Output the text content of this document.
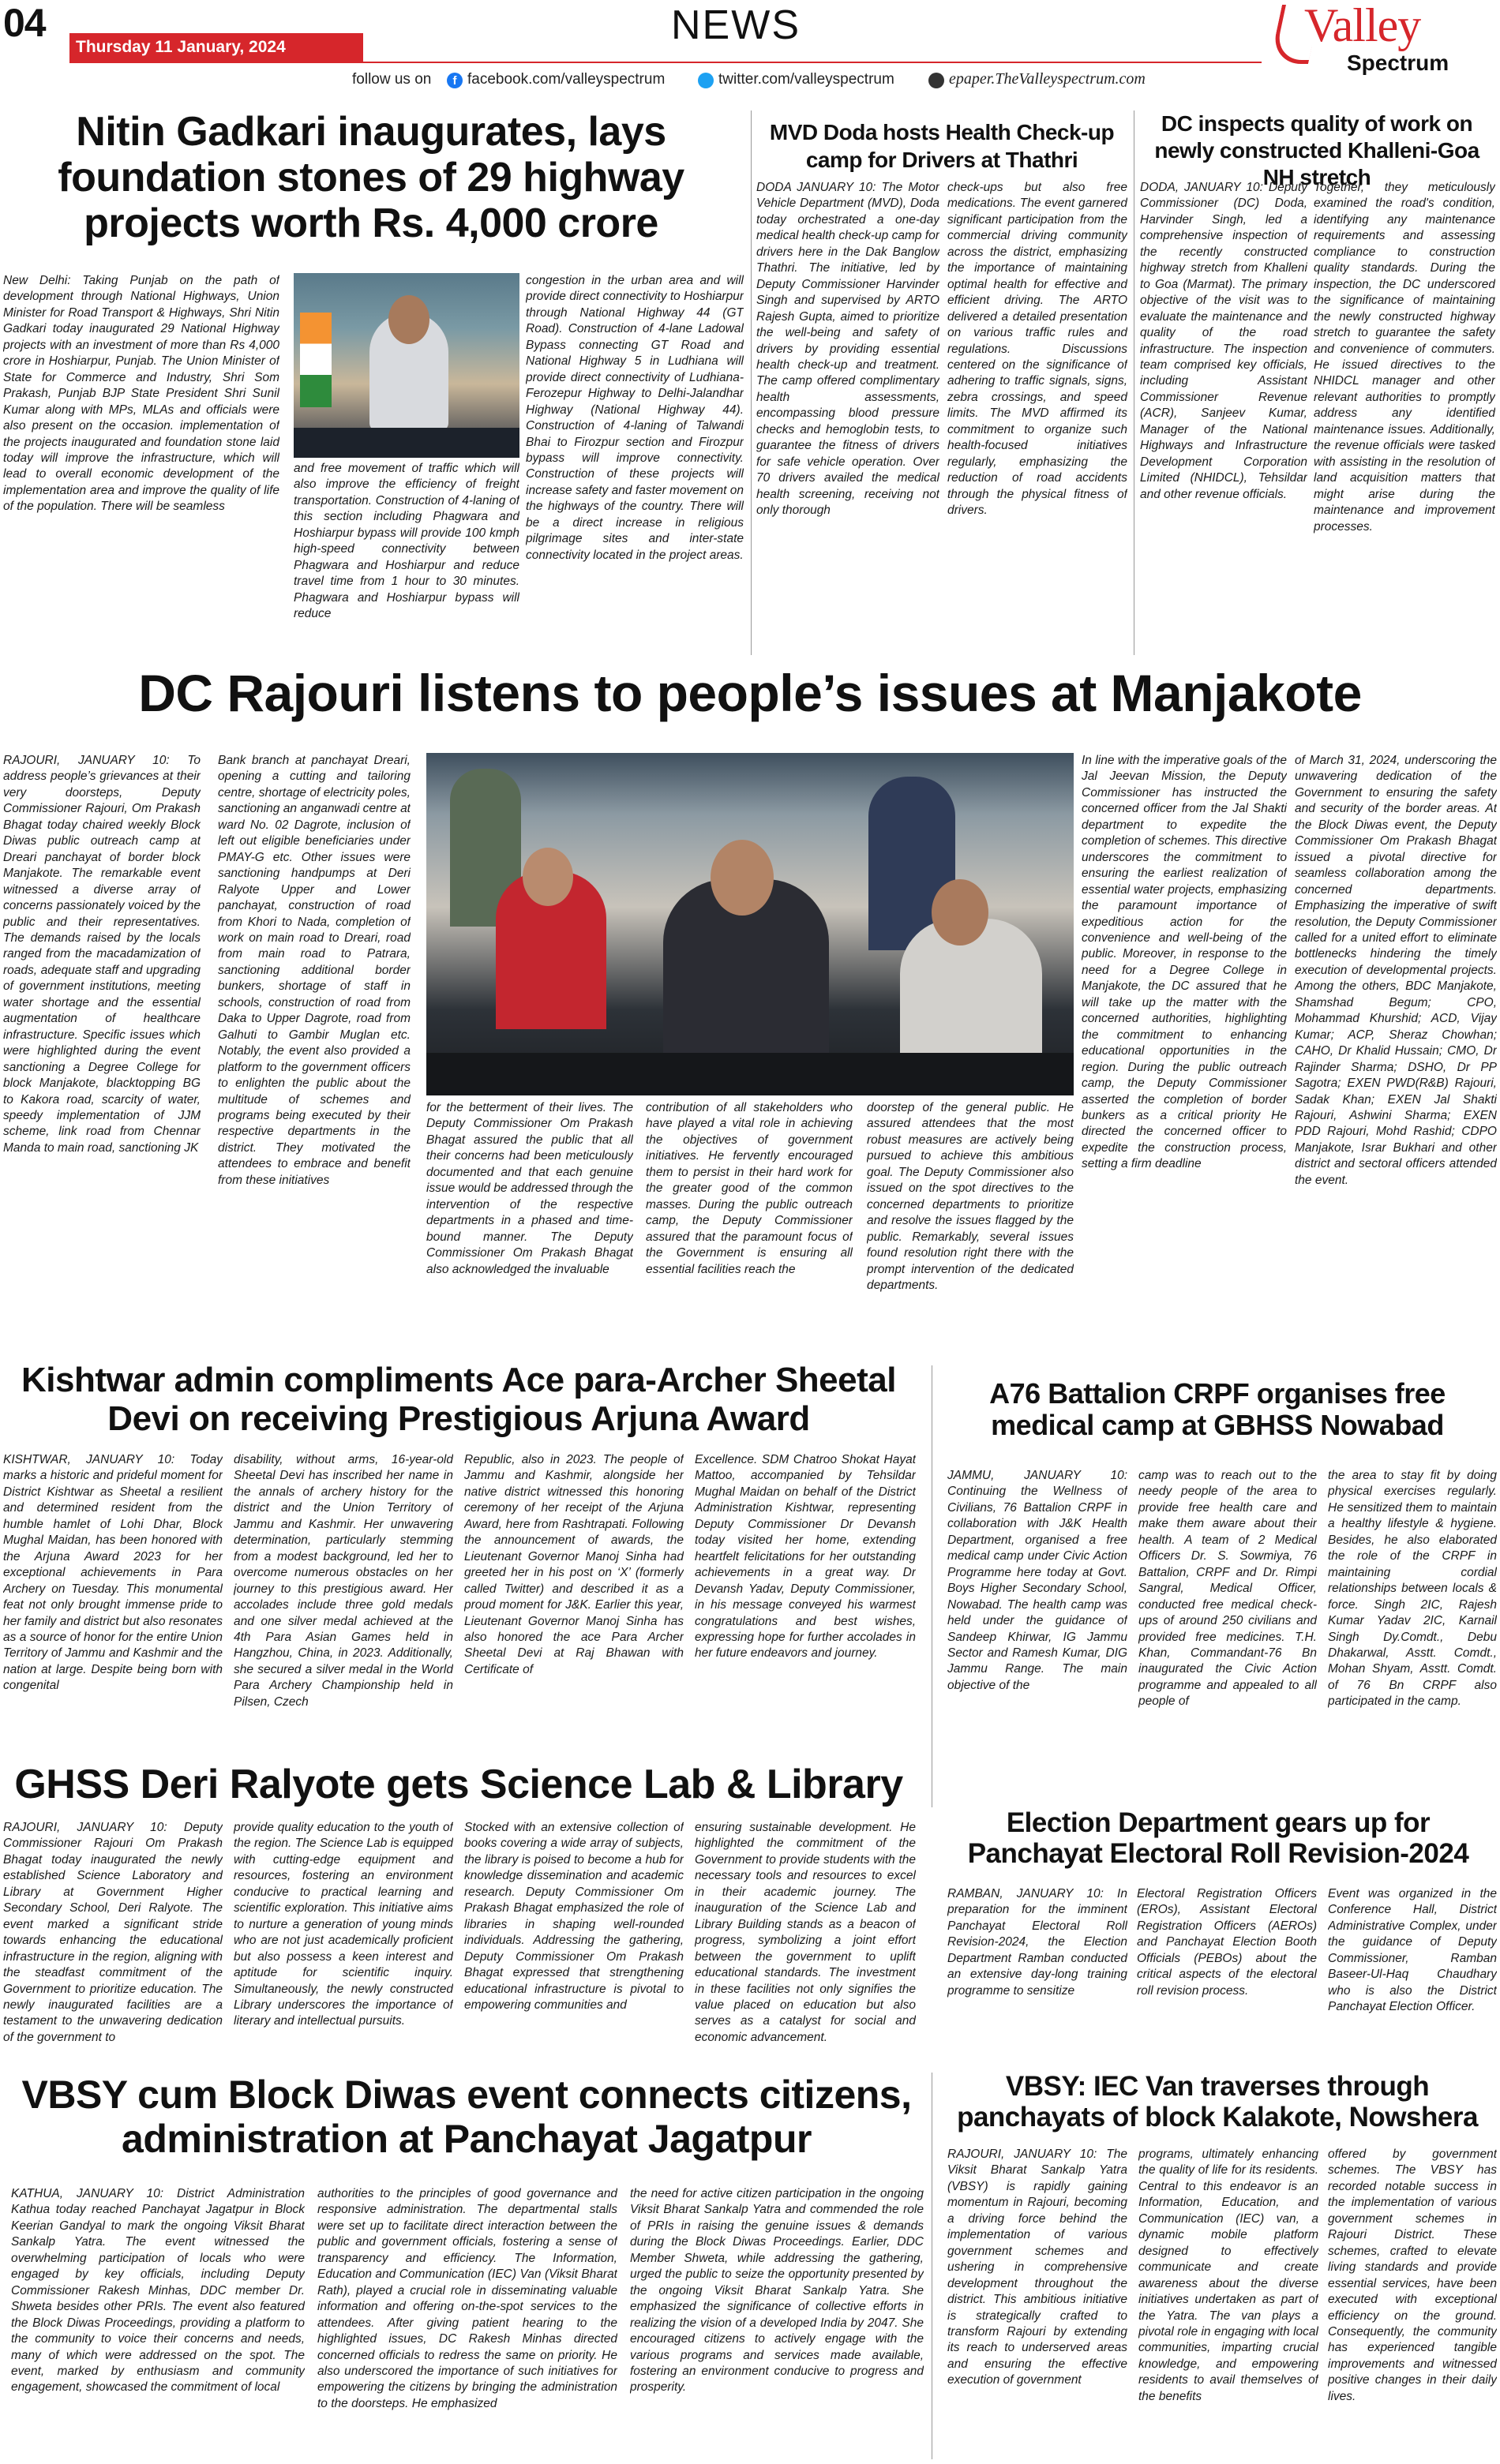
04
Thursday 11 January, 2024	NEWS
follow us on	f facebook.com/valleyspectrum	twitter.com/valleyspectrum	epaper.TheValleyspectrum.com
Valley
Spectrum
Nitin Gadkari inaugurates, lays foundation stones of 29 highway projects worth Rs. 4,000 crore
New Delhi: Taking Punjab on the path of development through National Highways, Union Minister for Road Transport & Highways, Shri Nitin Gadkari today inaugurated 29 National Highway projects with an investment of more than Rs 4,000 crore in Hoshiarpur, Punjab. The Union Minister of State for Commerce and Industry, Shri Som Prakash, Punjab BJP State President Shri Sunil Kumar along with MPs, MLAs and officials were also present on the occasion. implementation of the projects inaugurated and foundation stone laid today will improve the infrastructure, which will lead to overall economic development of the implementation area and improve the quality of life of the population. There will be seamless
and free movement of traffic which will also improve the efficiency of freight transportation. Construction of 4-laning of this section including Phagwara and Hoshiarpur bypass will provide 100 kmph high-speed connectivity between Phagwara and Hoshiarpur and reduce travel time from 1 hour to 30 minutes. Phagwara and Hoshiarpur bypass will reduce
congestion in the urban area and will provide direct connectivity to Hoshiarpur through National Highway 44 (GT Road). Construction of 4-lane Ladowal Bypass connecting GT Road and National Highway 5 in Ludhiana will provide direct connectivity of Ludhiana-Ferozepur Highway to Delhi-Jalandhar Highway (National Highway 44). Construction of 4-laning of Talwandi Bhai to Firozpur section and Firozpur bypass will improve connectivity. Construction of these projects will increase safety and faster movement on the highways of the country. There will be a direct increase in religious pilgrimage sites and inter-state connectivity located in the project areas.
MVD Doda hosts Health Check-up camp for Drivers at Thathri
DODA JANUARY 10: The Motor Vehicle Department (MVD), Doda today orchestrated a one-day medical health check-up camp for drivers here in the Dak Banglow Thathri. The initiative, led by Deputy Commissioner Harvinder Singh and supervised by ARTO Rajesh Gupta, aimed to prioritize the well-being and safety of drivers by providing essential health check-up and treatment. The camp offered complimentary health assessments, encompassing blood pressure checks and hemoglobin tests, to guarantee the fitness of drivers for safe vehicle operation. Over 70 drivers availed the medical health screening, receiving not only thorough
check-ups but also free medications. The event garnered significant participation from the commercial driving community across the district, emphasizing the importance of maintaining optimal health for effective and efficient driving. The ARTO delivered a detailed presentation on various traffic rules and regulations. Discussions centered on the significance of adhering to traffic signals, signs, zebra crossings, and speed limits. The MVD affirmed its commitment to organize such health-focused initiatives regularly, emphasizing the reduction of road accidents through the physical fitness of drivers.
DC inspects quality of work on newly constructed Khalleni-Goa NH stretch
DODA, JANUARY 10: Deputy Commissioner (DC) Doda, Harvinder Singh, led a comprehensive inspection of the recently constructed highway stretch from Khalleni to Goa (Marmat). The primary objective of the visit was to evaluate the maintenance and quality of the road infrastructure. The inspection team comprised key officials, including Assistant Commissioner Revenue (ACR), Sanjeev Kumar, Manager of the National Highways and Infrastructure Development Corporation Limited (NHIDCL), Tehsildar and other revenue officials.
Together, they meticulously examined the road's condition, identifying any maintenance requirements and assessing compliance to construction quality standards. During the inspection, the DC underscored the significance of maintaining the newly constructed highway stretch to guarantee the safety and convenience of commuters. He issued directives to the NHIDCL manager and other relevant authorities to promptly address any identified maintenance issues. Additionally, the revenue officials were tasked with assisting in the resolution of land acquisition matters that might arise during the maintenance and improvement processes.
DC Rajouri listens to people’s issues at Manjakote
RAJOURI, JANUARY 10: To address people’s grievances at their very doorsteps, Deputy Commissioner Rajouri, Om Prakash Bhagat today chaired weekly Block Diwas public outreach camp at Dreari panchayat of border block Manjakote. The remarkable event witnessed a diverse array of concerns passionately voiced by the public and their representatives. The demands raised by the locals ranged from the macadamization of roads, adequate staff and upgrading of government institutions, meeting water shortage and the essential augmentation of healthcare infrastructure. Specific issues which were highlighted during the event sanctioning a Degree College for block Manjakote, blacktopping BG to Kakora road, scarcity of water, speedy implementation of JJM scheme, link road from Chennar Manda to main road, sanctioning JK
Bank branch at panchayat Dreari, opening a cutting and tailoring centre, shortage of electricity poles, sanctioning an anganwadi centre at ward No. 02 Dagrote, inclusion of left out eligible beneficiaries under PMAY-G etc. Other issues were sanctioning handpumps at Deri Ralyote Upper and Lower panchayat, construction of road from Khori to Nada, completion of work on main road to Dreari, road from main road to Patrara, sanctioning additional border bunkers, shortage of staff in schools, construction of road from Daka to Upper Dagrote, road from Galhuti to Gambir Muglan etc. Notably, the event also provided a platform to the government officers to enlighten the public about the multitude of schemes and programs being executed by their respective departments in the district. They motivated the attendees to embrace and benefit from these initiatives
for the betterment of their lives. The Deputy Commissioner Om Prakash Bhagat assured the public that all their concerns had been meticulously documented and that each genuine issue would be addressed through the intervention of the respective departments in a phased and time-bound manner. The Deputy Commissioner Om Prakash Bhagat also acknowledged the invaluable
contribution of all stakeholders who have played a vital role in achieving the objectives of government initiatives. He fervently encouraged them to persist in their hard work for the greater good of the common masses. During the public outreach camp, the Deputy Commissioner assured that the paramount focus of the Government is ensuring all essential facilities reach the
doorstep of the general public. He assured attendees that the most robust measures are actively being pursued to achieve this ambitious goal. The Deputy Commissioner also issued on the spot directives to the concerned departments to prioritize and resolve the issues flagged by the public. Remarkably, several issues found resolution right there with the prompt intervention of the dedicated departments.
In line with the imperative goals of the Jal Jeevan Mission, the Deputy Commissioner has instructed the concerned officer from the Jal Shakti department to expedite the completion of schemes. This directive underscores the commitment to ensuring the earliest realization of essential water projects, emphasizing the paramount importance of expeditious action for the convenience and well-being of the public. Moreover, in response to the need for a Degree College in Manjakote, the DC assured that he will take up the matter with the concerned authorities, highlighting the commitment to enhancing educational opportunities in the region. During the public outreach camp, the Deputy Commissioner asserted the completion of border bunkers as a critical priority He directed the concerned officer to expedite the construction process, setting a firm deadline
of March 31, 2024, underscoring the unwavering dedication of the Government to ensuring the safety and security of the border areas. At the Block Diwas event, the Deputy Commissioner Om Prakash Bhagat issued a pivotal directive for seamless collaboration among the concerned departments. Emphasizing the imperative of swift resolution, the Deputy Commissioner called for a united effort to eliminate bottlenecks hindering the timely execution of developmental projects. Among the others, BDC Manjakote, Shamshad Begum; CPO, Mohammad Khurshid; ACD, Vijay Kumar; ACP, Sheraz Chowhan; CAHO, Dr Khalid Hussain; CMO, Dr Rajinder Sharma; DSHO, Dr PP Sagotra; EXEN PWD(R&B) Rajouri, Sadak Khan; EXEN Jal Shakti Rajouri, Ashwini Sharma; EXEN PDD Rajouri, Mohd Rashid; CDPO Manjakote, Israr Bukhari and other district and sectoral officers attended the event.
Kishtwar admin compliments Ace para-Archer Sheetal Devi on receiving Prestigious Arjuna Award
KISHTWAR, JANUARY 10: Today marks a historic and prideful moment for District Kishtwar as Sheetal a resilient and determined resident from the humble hamlet of Lohi Dhar, Block Mughal Maidan, has been honored with the Arjuna Award 2023 for her exceptional achievements in Para Archery on Tuesday. This monumental feat not only brought immense pride to her family and district but also resonates as a source of honor for the entire Union Territory of Jammu and Kashmir and the nation at large. Despite being born with congenital
disability, without arms, 16-year-old Sheetal Devi has inscribed her name in the annals of archery history for the district and the Union Territory of Jammu and Kashmir. Her unwavering determination, particularly stemming from a modest background, led her to overcome numerous obstacles on her journey to this prestigious award. Her accolades include three gold medals and one silver medal achieved at the 4th Para Asian Games held in Hangzhou, China, in 2023. Additionally, she secured a silver medal in the World Para Archery Championship held in Pilsen, Czech
Republic, also in 2023. The people of Jammu and Kashmir, alongside her native district witnessed this honoring ceremony of her receipt of the Arjuna Award, here from Rashtrapati. Following the announcement of awards, the Lieutenant Governor Manoj Sinha had greeted her in his post on ‘X’ (formerly called Twitter) and described it as a proud moment for J&K. Earlier this year, Lieutenant Governor Manoj Sinha has also honored the ace Para Archer Sheetal Devi at Raj Bhawan with Certificate of
Excellence. SDM Chatroo Shokat Hayat Mattoo, accompanied by Tehsildar Mughal Maidan on behalf of the District Administration Kishtwar, representing Deputy Commissioner Dr Devansh today visited her home, extending heartfelt felicitations for her outstanding achievements in a great way. Dr Devansh Yadav, Deputy Commissioner, in his message conveyed his warmest congratulations and best wishes, expressing hope for further accolades in her future endeavors and journey.
A76 Battalion CRPF organises free medical camp at GBHSS Nowabad
JAMMU, JANUARY 10: Continuing the Wellness of Civilians, 76 Battalion CRPF in collaboration with J&K Health Department, organised a free medical camp under Civic Action Programme here today at Govt. Boys Higher Secondary School, Nowabad. The health camp was held under the guidance of Sandeep Khirwar, IG Jammu Sector and Ramesh Kumar, DIG Jammu Range. The main objective of the
camp was to reach out to the needy people of the area to provide free health care and make them aware about their health. A team of 2 Medical Officers Dr. S. Sowmiya, 76 Battalion, CRPF and Dr. Rimpi Sangral, Medical Officer, conducted free medical check-ups of around 250 civilians and provided free medicines. T.H. Khan, Commandant-76 Bn inaugurated the Civic Action programme and appealed to all people of
the area to stay fit by doing physical exercises regularly. He sensitized them to maintain a healthy lifestyle & hygiene. Besides, he also elaborated the role of the CRPF in maintaining cordial relationships between locals & force. Singh 2IC, Rajesh Kumar Yadav 2IC, Karnail Singh Dy.Comdt., Debu Dhakarwal, Asstt. Comdt., Mohan Shyam, Asstt. Comdt. of 76 Bn CRPF also participated in the camp.
GHSS Deri Ralyote gets Science Lab & Library
RAJOURI, JANUARY 10: Deputy Commissioner Rajouri Om Prakash Bhagat today inaugurated the newly established Science Laboratory and Library at Government Higher Secondary School, Deri Ralyote. The event marked a significant stride towards enhancing the educational infrastructure in the region, aligning with the steadfast commitment of the Government to prioritize education. The newly inaugurated facilities are a testament to the unwavering dedication of the government to
provide quality education to the youth of the region. The Science Lab is equipped with cutting-edge equipment and resources, fostering an environment conducive to practical learning and scientific exploration. This initiative aims to nurture a generation of young minds who are not just academically proficient but also possess a keen interest and aptitude for scientific inquiry. Simultaneously, the newly constructed Library underscores the importance of literary and intellectual pursuits.
Stocked with an extensive collection of books covering a wide array of subjects, the library is poised to become a hub for knowledge dissemination and academic research. Deputy Commissioner Om Prakash Bhagat emphasized the role of libraries in shaping well-rounded individuals. Addressing the gathering, Deputy Commissioner Om Prakash Bhagat expressed that strengthening educational infrastructure is pivotal to empowering communities and
ensuring sustainable development. He highlighted the commitment of the Government to provide students with the necessary tools and resources to excel in their academic journey. The inauguration of the Science Lab and Library Building stands as a beacon of progress, symbolizing a joint effort between the government to uplift educational standards. The investment in these facilities not only signifies the value placed on education but also serves as a catalyst for social and economic advancement.
Election Department gears up for Panchayat Electoral Roll Revision-2024
RAMBAN, JANUARY 10: In preparation for the imminent Panchayat Electoral Roll Revision-2024, the Election Department Ramban conducted an extensive day-long training programme to sensitize
Electoral Registration Officers (EROs), Assistant Electoral Registration Officers (AEROs) and Panchayat Election Booth Officials (PEBOs) about the critical aspects of the electoral roll revision process.
Event was organized in the Conference Hall, District Administrative Complex, under the guidance of Deputy Commissioner, Ramban Baseer-Ul-Haq Chaudhary who is also the District Panchayat Election Officer.
VBSY cum Block Diwas event connects citizens, administration at Panchayat Jagatpur
KATHUA, JANUARY 10: District Administration Kathua today reached Panchayat Jagatpur in Block Keerian Gandyal to mark the ongoing Viksit Bharat Sankalp Yatra. The event witnessed the overwhelming participation of locals who were engaged by key officials, including Deputy Commissioner Rakesh Minhas, DDC member Dr. Shweta besides other PRIs. The event also featured the Block Diwas Proceedings, providing a platform to the community to voice their concerns and needs, many of which were addressed on the spot. The event, marked by enthusiasm and community engagement, showcased the commitment of local
authorities to the principles of good governance and responsive administration. The departmental stalls were set up to facilitate direct interaction between the public and government officials, fostering a sense of transparency and efficiency. The Information, Education and Communication (IEC) Van (Viksit Bharat Rath), played a crucial role in disseminating valuable information and offering on-the-spot services to the attendees. After giving patient hearing to the highlighted issues, DC Rakesh Minhas directed concerned officials to redress the same on priority. He also underscored the importance of such initiatives for empowering the citizens by bringing the administration to the doorsteps. He emphasized
the need for active citizen participation in the ongoing Viksit Bharat Sankalp Yatra and commended the role of PRIs in raising the genuine issues & demands during the Block Diwas Proceedings. Earlier, DDC Member Shweta, while addressing the gathering, urged the public to seize the opportunity presented by the ongoing Viksit Bharat Sankalp Yatra. She emphasized the significance of collective efforts in realizing the vision of a developed India by 2047. She encouraged citizens to actively engage with the various programs and services made available, fostering an environment conducive to progress and prosperity.
VBSY: IEC Van traverses through panchayats of block Kalakote, Nowshera
RAJOURI, JANUARY 10: The Viksit Bharat Sankalp Yatra (VBSY) is rapidly gaining momentum in Rajouri, becoming a driving force behind the implementation of various government schemes and ushering in comprehensive development throughout the district. This ambitious initiative is strategically crafted to transform Rajouri by extending its reach to underserved areas and ensuring the effective execution of government
programs, ultimately enhancing the quality of life for its residents. Central to this endeavor is an Information, Education, and Communication (IEC) van, a dynamic mobile platform designed to effectively communicate and create awareness about the diverse initiatives undertaken as part of the Yatra. The van plays a pivotal role in engaging with local communities, imparting crucial knowledge, and empowering residents to avail themselves of the benefits
offered by government schemes. The VBSY has recorded notable success in the implementation of various government schemes in Rajouri District. These schemes, crafted to elevate living standards and provide essential services, have been executed with exceptional efficiency on the ground. Consequently, the community has experienced tangible improvements and witnessed positive changes in their daily lives.
